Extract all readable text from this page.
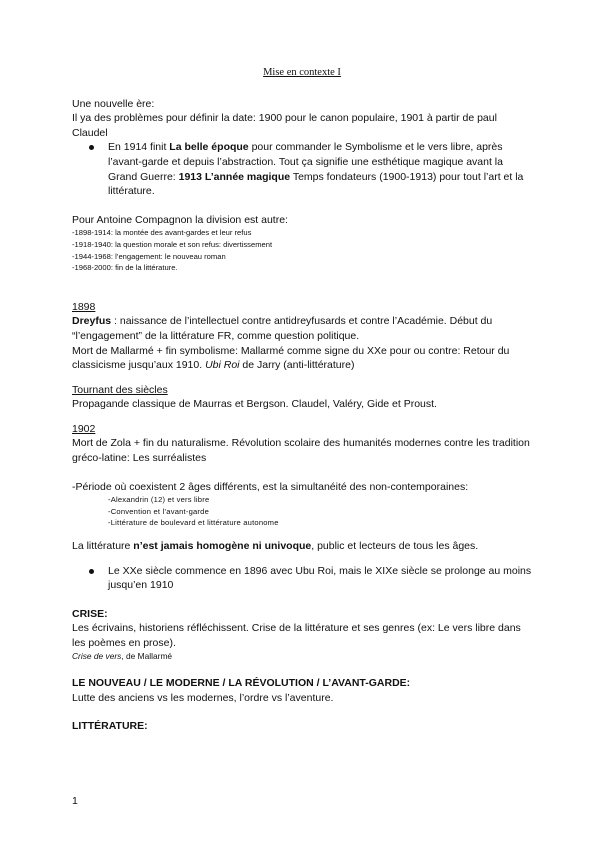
Mise en contexte I

Une nouvelle ère:

Il ya des problèmes pour définir la date: 1900 pour le canon populaire, 1901 à partir de paul Claudel

En 1914 finit La belle époque pour commander le Symbolisme et le vers libre, après l’avant-garde et depuis l’abstraction. Tout ça signifie une esthétique magique avant la Grand Guerre: 1913 L’année magique Temps fondateurs (1900-1913) pour tout l’art et la littérature.

Pour Antoine Compagnon la division est autre:

-1898-1914: la montée des avant-gardes et leur refus

-1918-1940: la question morale et son refus: divertissement

-1944-1968: l’engagement: le nouveau roman

-1968-2000: fin de la littérature.

1898

Dreyfus : naissance de l’intellectuel contre antidreyfusards et contre l’Académie. Début du “l’engagement” de la littérature FR, comme question politique.

Mort de Mallarmé + fin symbolisme: Mallarmé comme signe du XXe pour ou contre: Retour du classicisme jusqu’aux 1910. Ubi Roi de Jarry (anti-littérature)

Tournant des siècles

Propagande classique de Maurras et Bergson. Claudel, Valéry, Gide et Proust.

1902

Mort de Zola + fin du naturalisme. Révolution scolaire des humanités modernes contre les tradition gréco-latine: Les surréalistes

-Période où coexistent 2 âges différents, est la simultanéité des non-contemporaines:

-Alexandrin (12) et vers libre

-Convention et l’avant-garde

-Littérature de boulevard et littérature autonome

La littérature n’est jamais homogène ni univoque, public et lecteurs de tous les âges.

Le XXe siècle commence en 1896 avec Ubu Roi, mais le XIXe siècle se prolonge au moins jusqu’en 1910

CRISE:

Les écrivains, historiens réfléchissent. Crise de la littérature et ses genres (ex: Le vers libre dans les poèmes en prose).

Crise de vers, de Mallarmé

LE NOUVEAU / LE MODERNE / LA RÉVOLUTION / L’AVANT-GARDE:

Lutte des anciens vs les modernes, l’ordre vs l’aventure.

LITTÉRATURE:

1
